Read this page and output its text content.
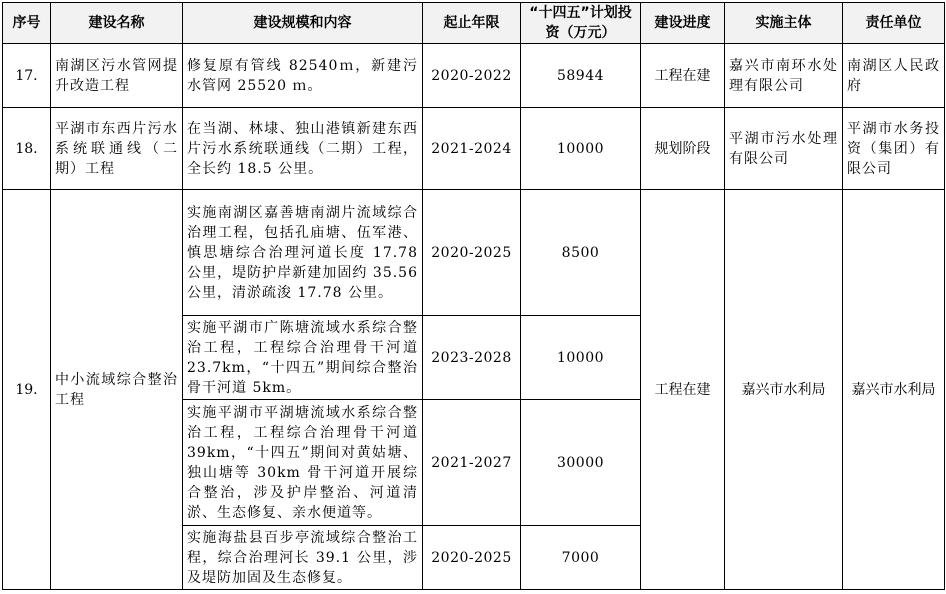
序号	建设名称	建设规模和内容	起止年限	“十四五”计划投资（万元）	建设进度	实施主体	责任单位
17.	南湖区污水管网提升改造工程	修复原有管线 82540ｍ，新建污水管网 25520 ｍ。	2020-2022	58944	工程在建	嘉兴市南环水处理有限公司	南湖区人民政府
18.	平湖市东西片污水系统联通线（二期）工程	在当湖、林埭、独山港镇新建东西片污水系统联通线（二期）工程，全长约 18.5 公里。	2021-2024	10000	规划阶段	平湖市污水处理有限公司	平湖市水务投资（集团）有限公司
19.	中小流域综合整治工程	实施南湖区嘉善塘南湖片流域综合治理工程，包括孔庙塘、伍军港、慎思塘综合治理河道长度 17.78 公里，堤防护岸新建加固约 35.56 公里，清淤疏浚 17.78 公里。	2020-2025	8500	工程在建	嘉兴市水利局	嘉兴市水利局
		实施平湖市广陈塘流域水系综合整治工程，工程综合治理骨干河道 23.7km，“十四五”期间综合整治骨干河道 5km。	2023-2028	10000			
		实施平湖市平湖塘流域水系综合整治工程，工程综合治理骨干河道 39km，“十四五”期间对黄姑塘、独山塘等 30km 骨干河道开展综合整治，涉及护岸整治、河道清淤、生态修复、亲水便道等。	2021-2027	30000			
		实施海盐县百步亭流域综合整治工程，综合治理河长 39.1 公里，涉及堤防加固及生态修复。	2020-2025	7000			
